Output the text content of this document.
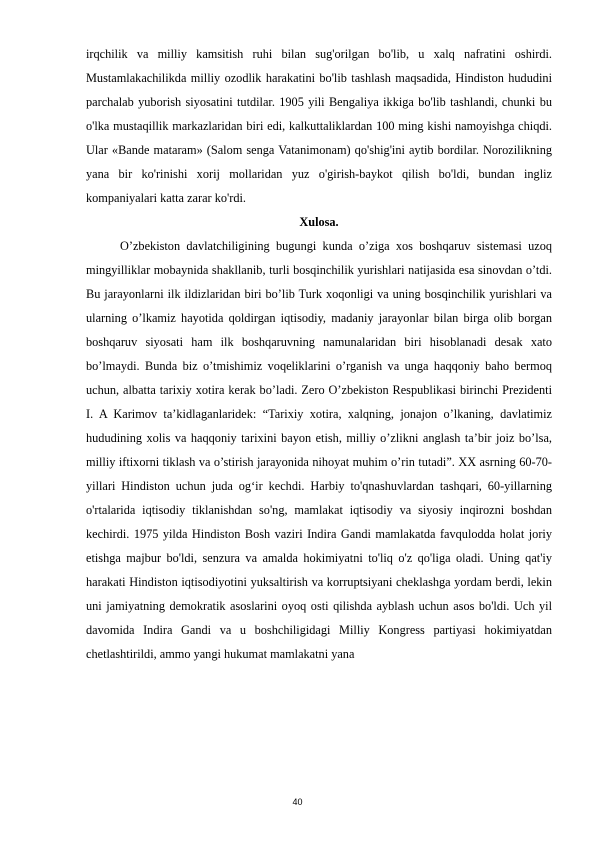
irqchilik va milliy kamsitish ruhi bilan sug'orilgan bo'lib, u xalq nafratini oshirdi. Mustamlakachilikda milliy ozodlik harakatini bo'lib tashlash maqsadida, Hindiston hududini parchalab yuborish siyosatini tutdilar. 1905 yili Bengaliya ikkiga bo'lib tashlandi, chunki bu o'lka mustaqillik markazlaridan biri edi, kalkuttaliklardan 100 ming kishi namoyishga chiqdi. Ular «Bande mataram» (Salom senga Vatanimonam) qo'shig'ini aytib bordilar. Norozilikning yana bir ko'rinishi xorij mollaridan yuz o'girish-baykot qilish bo'ldi, bundan ingliz kompaniyalari katta zarar ko'rdi.

Xulosa.

O’zbekiston davlatchiligining bugungi kunda o’ziga xos boshqaruv sistemasi uzoq mingyilliklar mobaynida shakllanib, turli bosqinchilik yurishlari natijasida esa sinovdan o’tdi. Bu jarayonlarni ilk ildizlaridan biri bo’lib Turk xoqonligi va uning bosqinchilik yurishlari va ularning o’lkamiz hayotida qoldirgan iqtisodiy, madaniy jarayonlar bilan birga olib borgan boshqaruv siyosati ham ilk boshqaruvning namunalaridan biri hisoblanadi desak xato bo’lmaydi. Bunda biz o’tmishimiz voqeliklarini o’rganish va unga haqqoniy baho bermoq uchun, albatta tarixiy xotira kerak bo’ladi. Zero O’zbekiston Respublikasi birinchi Prezidenti I. A Karimov ta’kidlaganlaridek: “Tarixiy xotira, xalqning, jonajon o’lkaning, davlatimiz hududining xolis va haqqoniy tarixini bayon etish, milliy o’zlikni anglash ta’bir joiz bo’lsa, milliy iftixorni tiklash va o’stirish jarayonida nihoyat muhim o’rin tutadi”. XX asrning 60-70-yillari Hindiston uchun juda og‘ir kechdi. Harbiy to'qnashuvlardan tashqari, 60-yillarning o'rtalarida iqtisodiy tiklanishdan so'ng, mamlakat iqtisodiy va siyosiy inqirozni boshdan kechirdi. 1975 yilda Hindiston Bosh vaziri Indira Gandi mamlakatda favqulodda holat joriy etishga majbur bo'ldi, senzura va amalda hokimiyatni to'liq o'z qo'liga oladi. Uning qat'iy harakati Hindiston iqtisodiyotini yuksaltirish va korruptsiyani cheklashga yordam berdi, lekin uni jamiyatning demokratik asoslarini oyoq osti qilishda ayblash uchun asos bo'ldi. Uch yil davomida Indira Gandi va u boshchiligidagi Milliy Kongress partiyasi hokimiyatdan chetlashtirildi, ammo yangi hukumat mamlakatni yana

40
